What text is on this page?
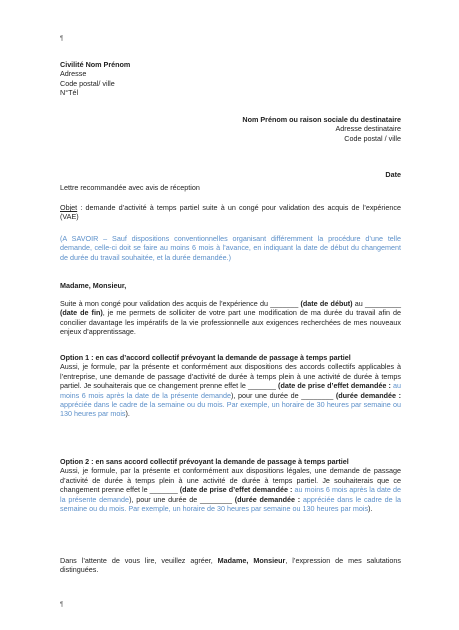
¶
Civilité Nom Prénom
Adresse
Code postal/ ville
N°Tél
Nom Prénom ou raison sociale du destinataire
Adresse destinataire
Code postal / ville
Date
Lettre recommandée avec avis de réception
Objet : demande d’activité à temps partiel suite à un congé pour validation des acquis de l’expérience (VAE)
(A SAVOIR – Sauf dispositions conventionnelles organisant différemment la procédure d’une telle demande, celle-ci doit se faire au moins 6 mois à l’avance, en indiquant la date de début du changement de durée du travail souhaitée, et la durée demandée.)
Madame, Monsieur,
Suite à mon congé pour validation des acquis de l’expérience du _______ (date de début) au _________ (date de fin), je me permets de solliciter de votre part une modification de ma durée du travail afin de concilier davantage les impératifs de la vie professionnelle aux exigences recherchées de mes nouveaux enjeux d’apprentissage.
Option 1 : en cas d’accord collectif prévoyant la demande de passage à temps partiel
Aussi, je formule, par la présente et conformément aux dispositions des accords collectifs applicables à l’entreprise, une demande de passage d’activité de durée à temps plein à une activité de durée à temps partiel. Je souhaiterais que ce changement prenne effet le _______ (date de prise d’effet demandée : au moins 6 mois après la date de la présente demande), pour une durée de ________ (durée demandée : appréciée dans le cadre de la semaine ou du mois. Par exemple, un horaire de 30 heures par semaine ou 130 heures par mois).
Option 2 : en sans accord collectif prévoyant la demande de passage à temps partiel
Aussi, je formule, par la présente et conformément aux dispositions légales, une demande de passage d’activité de durée à temps plein à une activité de durée à temps partiel. Je souhaiterais que ce changement prenne effet le _______ (date de prise d’effet demandée : au moins 6 mois après la date de la présente demande), pour une durée de ________ (durée demandée : appréciée dans le cadre de la semaine ou du mois. Par exemple, un horaire de 30 heures par semaine ou 130 heures par mois).
Dans l’attente de vous lire, veuillez agréer, Madame, Monsieur, l’expression de mes salutations distinguées.
¶
